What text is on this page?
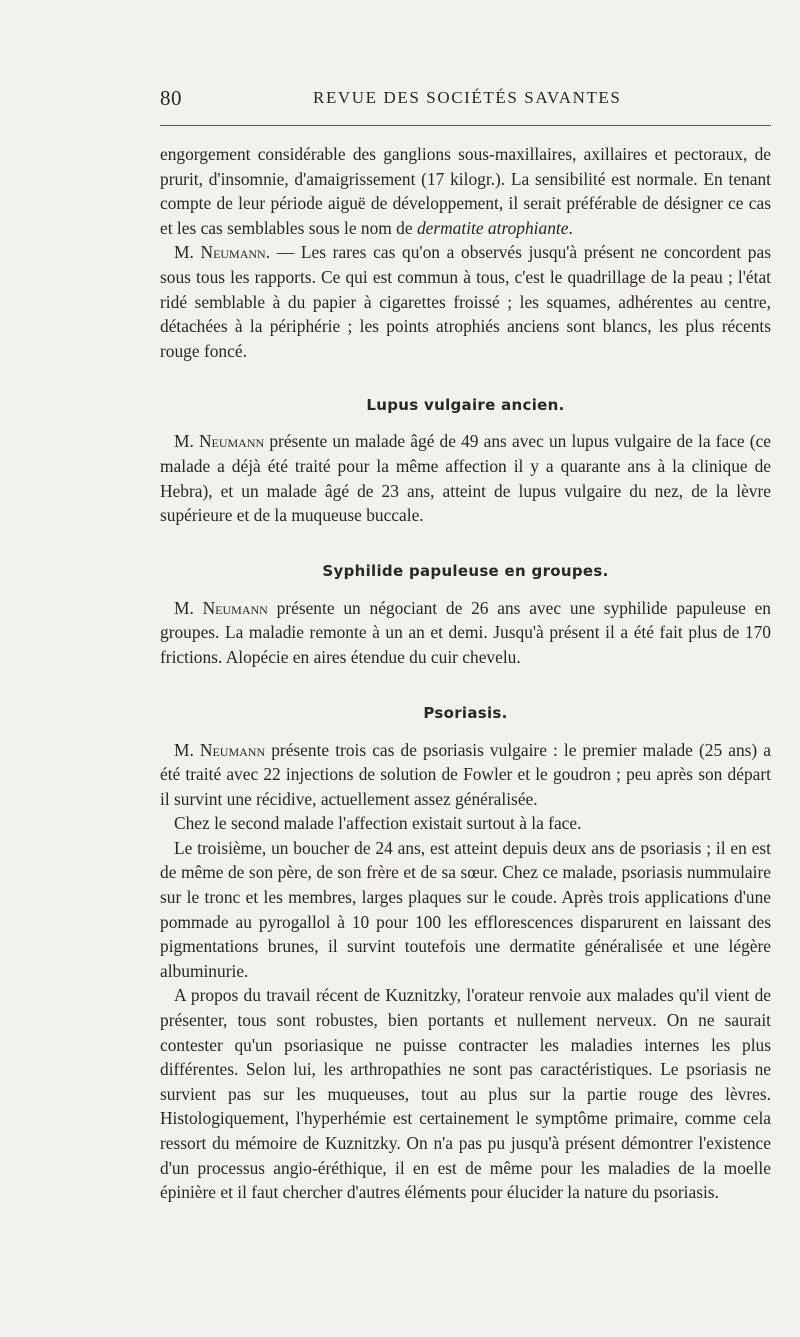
80	REVUE DES SOCIÉTÉS SAVANTES

engorgement considérable des ganglions sous-maxillaires, axillaires et pectoraux, de prurit, d'insomnie, d'amaigrissement (17 kilogr.). La sensibilité est normale. En tenant compte de leur période aiguë de développement, il serait préférable de désigner ce cas et les cas semblables sous le nom de dermatite atrophiante.

M. Neumann. — Les rares cas qu'on a observés jusqu'à présent ne concordent pas sous tous les rapports. Ce qui est commun à tous, c'est le quadrillage de la peau ; l'état ridé semblable à du papier à cigarettes froissé ; les squames, adhérentes au centre, détachées à la périphérie ; les points atrophiés anciens sont blancs, les plus récents rouge foncé.

Lupus vulgaire ancien.

M. Neumann présente un malade âgé de 49 ans avec un lupus vulgaire de la face (ce malade a déjà été traité pour la même affection il y a quarante ans à la clinique de Hebra), et un malade âgé de 23 ans, atteint de lupus vulgaire du nez, de la lèvre supérieure et de la muqueuse buccale.

Syphilide papuleuse en groupes.

M. Neumann présente un négociant de 26 ans avec une syphilide papuleuse en groupes. La maladie remonte à un an et demi. Jusqu'à présent il a été fait plus de 170 frictions. Alopécie en aires étendue du cuir chevelu.

Psoriasis.

M. Neumann présente trois cas de psoriasis vulgaire : le premier malade (25 ans) a été traité avec 22 injections de solution de Fowler et le goudron ; peu après son départ il survint une récidive, actuellement assez généralisée.

Chez le second malade l'affection existait surtout à la face.

Le troisième, un boucher de 24 ans, est atteint depuis deux ans de psoriasis ; il en est de même de son père, de son frère et de sa sœur. Chez ce malade, psoriasis nummulaire sur le tronc et les membres, larges plaques sur le coude. Après trois applications d'une pommade au pyrogallol à 10 pour 100 les efflorescences disparurent en laissant des pigmentations brunes, il survint toutefois une dermatite généralisée et une légère albuminurie.

A propos du travail récent de Kuznitzky, l'orateur renvoie aux malades qu'il vient de présenter, tous sont robustes, bien portants et nullement nerveux. On ne saurait contester qu'un psoriasique ne puisse contracter les maladies internes les plus différentes. Selon lui, les arthropathies ne sont pas caractéristiques. Le psoriasis ne survient pas sur les muqueuses, tout au plus sur la partie rouge des lèvres. Histologiquement, l'hyperhémie est certainement le symptôme primaire, comme cela ressort du mémoire de Kuznitzky. On n'a pas pu jusqu'à présent démontrer l'existence d'un processus angio-éréthique, il en est de même pour les maladies de la moelle épinière et il faut chercher d'autres éléments pour élucider la nature du psoriasis.
